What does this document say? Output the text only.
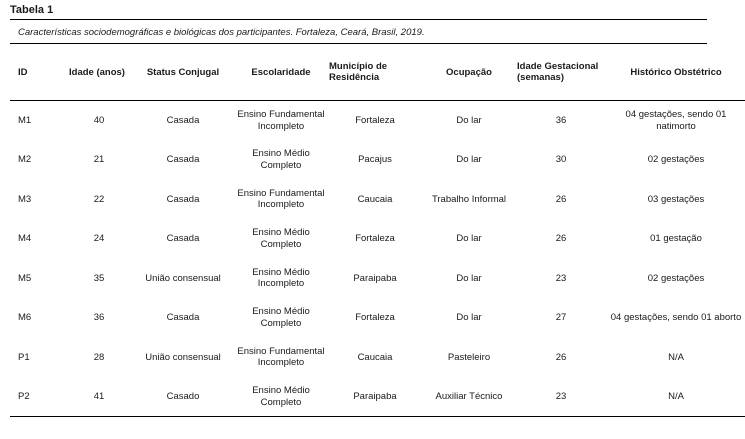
Tabela 1
Características sociodemográficas e biológicas dos participantes. Fortaleza, Ceará, Brasil, 2019.
ID	Idade (anos)	Status Conjugal	Escolaridade	Município de Residência	Ocupação	Idade Gestacional (semanas)	Histórico Obstétrico
M1	40	Casada	Ensino Fundamental Incompleto	Fortaleza	Do lar	36	04 gestações, sendo 01 natimorto
M2	21	Casada	Ensino Médio Completo	Pacajus	Do lar	30	02 gestações
M3	22	Casada	Ensino Fundamental Incompleto	Caucaia	Trabalho Informal	26	03 gestações
M4	24	Casada	Ensino Médio Completo	Fortaleza	Do lar	26	01 gestação
M5	35	União consensual	Ensino Médio Incompleto	Paraipaba	Do lar	23	02 gestações
M6	36	Casada	Ensino Médio Completo	Fortaleza	Do lar	27	04 gestações, sendo 01 aborto
P1	28	União consensual	Ensino Fundamental Incompleto	Caucaia	Pasteleiro	26	N/A
P2	41	Casado	Ensino Médio Completo	Paraipaba	Auxiliar Técnico	23	N/A
